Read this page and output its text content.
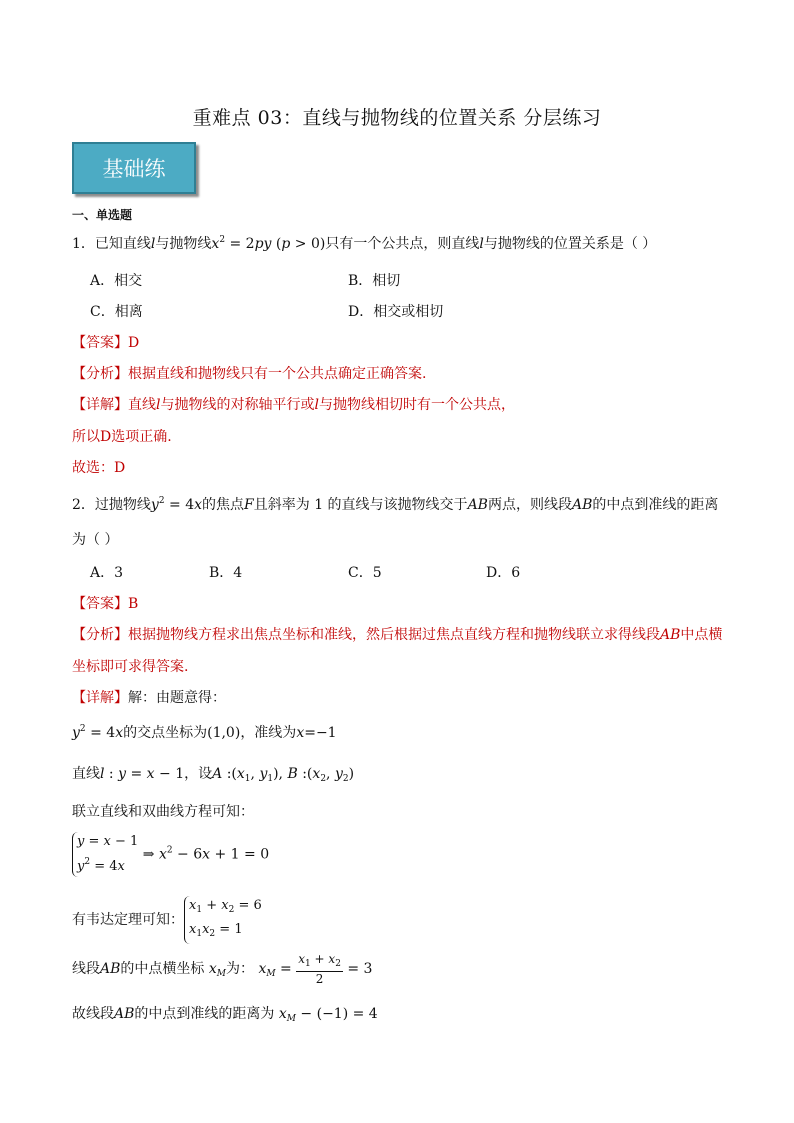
重难点 03：直线与抛物线的位置关系 分层练习
基础练
一、单选题
1．已知直线l与抛物线$x^2 = 2py$ (p > 0)只有一个公共点，则直线l与抛物线的位置关系是（ ）
A．相交	B．相切
C．相离	D．相交或相切
【答案】D
【分析】根据直线和抛物线只有一个公共点确定正确答案.
【详解】直线l与抛物线的对称轴平行或l与抛物线相切时有一个公共点，
所以D选项正确.
故选：D
2．过抛物线$y^2 = 4x$的焦点F且斜率为 1 的直线与该抛物线交于AB两点，则线段AB的中点到准线的距离
为（ ）
A．3	B．4	C．5	D．6
【答案】B
【分析】根据抛物线方程求出焦点坐标和准线，然后根据过焦点直线方程和抛物线联立求得线段AB中点横
坐标即可求得答案.
【详解】解：由题意得：
$y^2 = 4x$的交点坐标为(1,0)，准线为x=−1
直线l : y = x − 1，设A $:(x_1$, $y_1$), B $:(x_2$, $y_2$)
联立直线和双曲线方程可知：
y = x − 1
$y^2 = 4x$ ⇒ $x^2 - 6x + 1 = 0$
有韦达定理可知：$x_1 + x_2 = 6$
$x_1x_2 = 1$
线段AB的中点横坐标 $x_M$为： $x_M = \frac{x_1 + x_2}{2} = 3$
故线段AB的中点到准线的距离为 $x_M - (-1) = 4$
